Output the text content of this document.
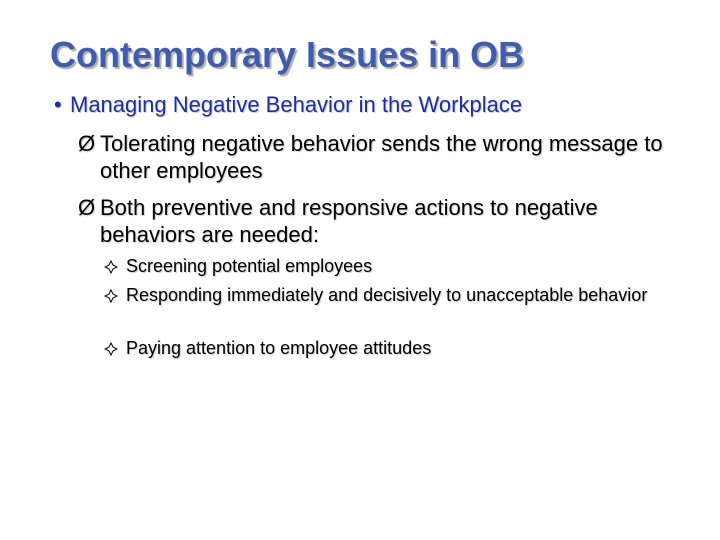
Contemporary Issues in OB
• Managing Negative Behavior in the Workplace
Ø Tolerating negative behavior sends the wrong message to other employees
Ø Both preventive and responsive actions to negative behaviors are needed:
Screening potential employees
Responding immediately and decisively to unacceptable behavior
Paying attention to employee attitudes
